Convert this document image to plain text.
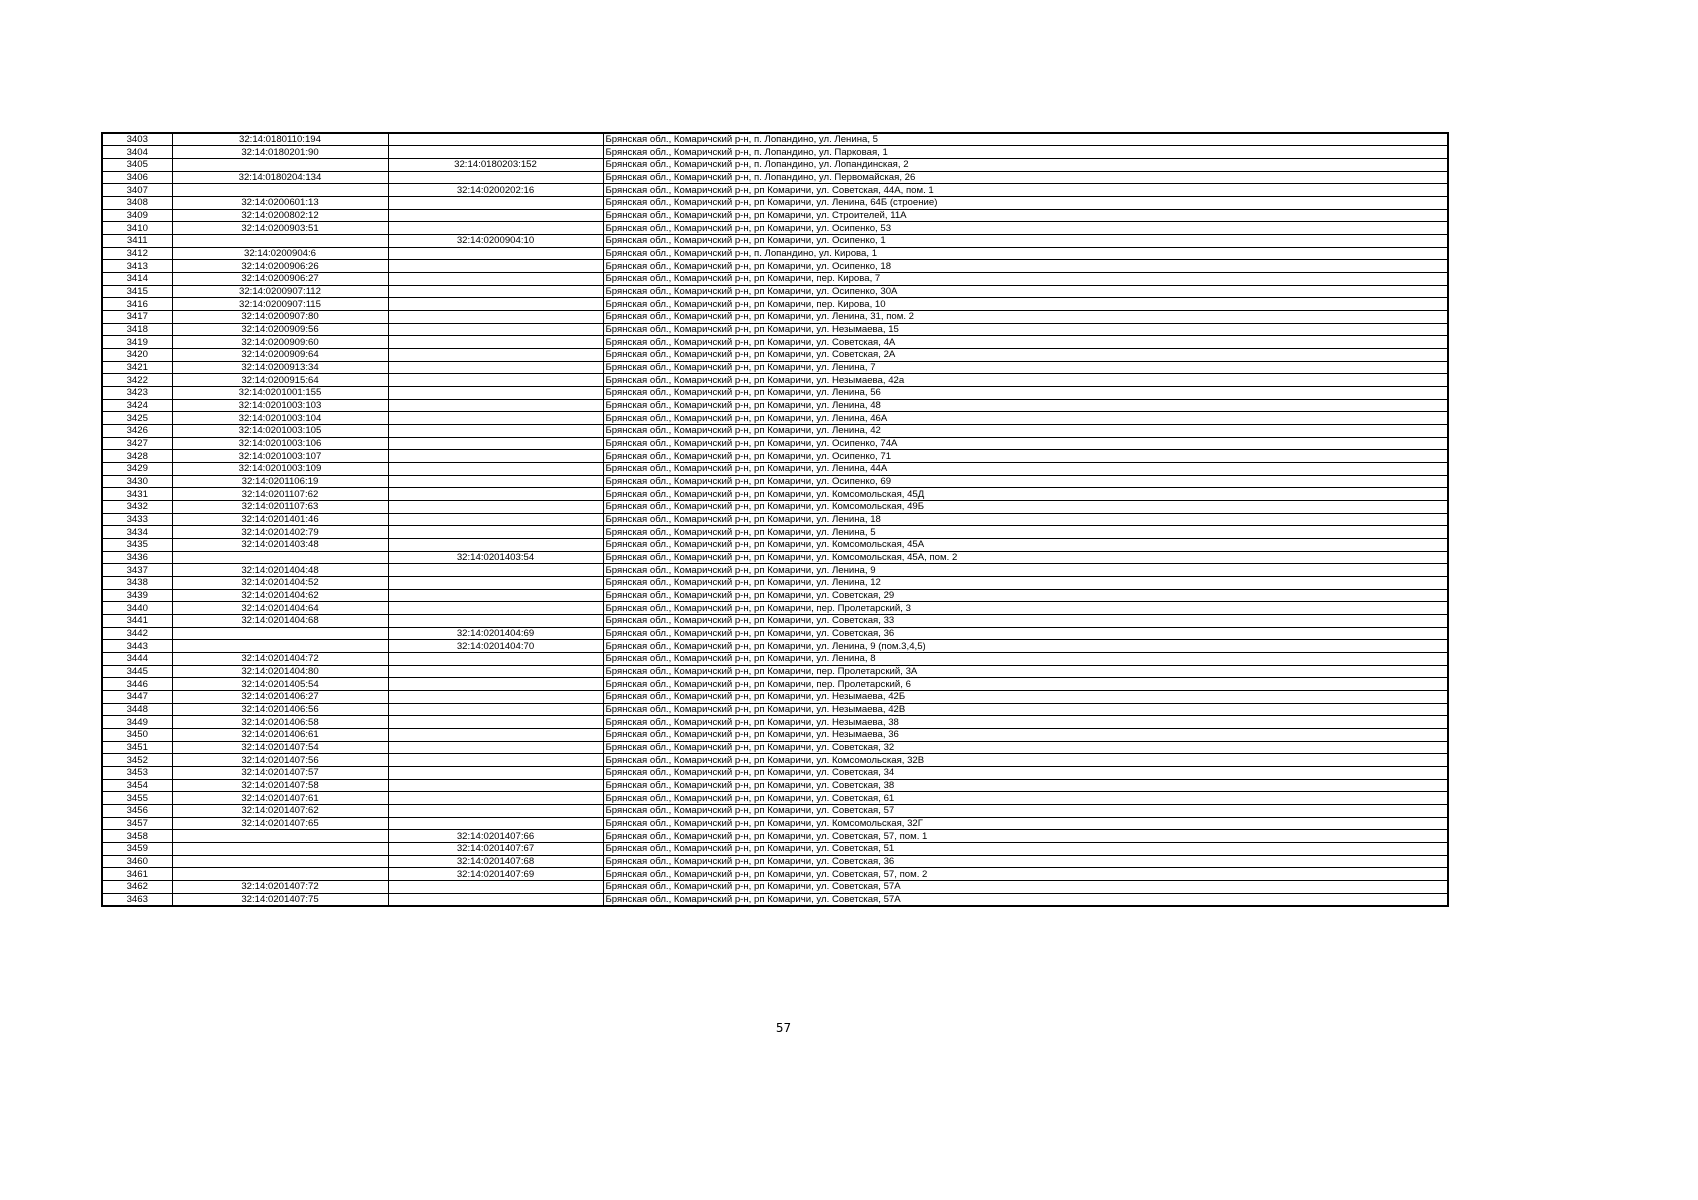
3403	32:14:0180110:194		Брянская обл., Комаричский р-н, п. Лопандино, ул. Ленина, 5
3404	32:14:0180201:90		Брянская обл., Комаричский р-н, п. Лопандино, ул. Парковая, 1
3405		32:14:0180203:152	Брянская обл., Комаричский р-н, п. Лопандино, ул. Лопандинская, 2
3406	32:14:0180204:134		Брянская обл., Комаричский р-н, п. Лопандино, ул. Первомайская, 26
3407		32:14:0200202:16	Брянская обл., Комаричский р-н, рп Комаричи, ул. Советская, 44А, пом. 1
3408	32:14:0200601:13		Брянская обл., Комаричский р-н, рп Комаричи, ул. Ленина, 64Б (строение)
3409	32:14:0200802:12		Брянская обл., Комаричский р-н, рп Комаричи, ул. Строителей, 11А
3410	32:14:0200903:51		Брянская обл., Комаричский р-н, рп Комаричи, ул. Осипенко, 53
3411		32:14:0200904:10	Брянская обл., Комаричский р-н, рп Комаричи, ул. Осипенко, 1
3412	32:14:0200904:6		Брянская обл., Комаричский р-н, п. Лопандино, ул. Кирова, 1
3413	32:14:0200906:26		Брянская обл., Комаричский р-н, рп Комаричи, ул. Осипенко, 18
3414	32:14:0200906:27		Брянская обл., Комаричский р-н, рп Комаричи, пер. Кирова, 7
3415	32:14:0200907:112		Брянская обл., Комаричский р-н, рп Комаричи, ул. Осипенко, 30А
3416	32:14:0200907:115		Брянская обл., Комаричский р-н, рп Комаричи, пер. Кирова, 10
3417	32:14:0200907:80		Брянская обл., Комаричский р-н, рп Комаричи, ул. Ленина, 31, пом. 2
3418	32:14:0200909:56		Брянская обл., Комаричский р-н, рп Комаричи, ул. Незымаева, 15
3419	32:14:0200909:60		Брянская обл., Комаричский р-н, рп Комаричи, ул. Советская, 4А
3420	32:14:0200909:64		Брянская обл., Комаричский р-н, рп Комаричи, ул. Советская, 2А
3421	32:14:0200913:34		Брянская обл., Комаричский р-н, рп Комаричи, ул. Ленина, 7
3422	32:14:0200915:64		Брянская обл., Комаричский р-н, рп Комаричи, ул. Незымаева, 42а
3423	32:14:0201001:155		Брянская обл., Комаричский р-н, рп Комаричи, ул. Ленина, 56
3424	32:14:0201003:103		Брянская обл., Комаричский р-н, рп Комаричи, ул. Ленина, 48
3425	32:14:0201003:104		Брянская обл., Комаричский р-н, рп Комаричи, ул. Ленина, 46А
3426	32:14:0201003:105		Брянская обл., Комаричский р-н, рп Комаричи, ул. Ленина, 42
3427	32:14:0201003:106		Брянская обл., Комаричский р-н, рп Комаричи, ул. Осипенко, 74А
3428	32:14:0201003:107		Брянская обл., Комаричский р-н, рп Комаричи, ул. Осипенко, 71
3429	32:14:0201003:109		Брянская обл., Комаричский р-н, рп Комаричи, ул. Ленина, 44А
3430	32:14:0201106:19		Брянская обл., Комаричский р-н, рп Комаричи, ул. Осипенко, 69
3431	32:14:0201107:62		Брянская обл., Комаричский р-н, рп Комаричи, ул. Комсомольская, 45Д
3432	32:14:0201107:63		Брянская обл., Комаричский р-н, рп Комаричи, ул. Комсомольская, 49Б
3433	32:14:0201401:46		Брянская обл., Комаричский р-н, рп Комаричи, ул. Ленина, 18
3434	32:14:0201402:79		Брянская обл., Комаричский р-н, рп Комаричи, ул. Ленина, 5
3435	32:14:0201403:48		Брянская обл., Комаричский р-н, рп Комаричи, ул. Комсомольская, 45А
3436		32:14:0201403:54	Брянская обл., Комаричский р-н, рп Комаричи, ул. Комсомольская, 45А, пом. 2
3437	32:14:0201404:48		Брянская обл., Комаричский р-н, рп Комаричи, ул. Ленина, 9
3438	32:14:0201404:52		Брянская обл., Комаричский р-н, рп Комаричи, ул. Ленина, 12
3439	32:14:0201404:62		Брянская обл., Комаричский р-н, рп Комаричи, ул. Советская, 29
3440	32:14:0201404:64		Брянская обл., Комаричский р-н, рп Комаричи, пер. Пролетарский, 3
3441	32:14:0201404:68		Брянская обл., Комаричский р-н, рп Комаричи, ул. Советская, 33
3442		32:14:0201404:69	Брянская обл., Комаричский р-н, рп Комаричи, ул. Советская, 36
3443		32:14:0201404:70	Брянская обл., Комаричский р-н, рп Комаричи, ул. Ленина, 9 (пом.3,4,5)
3444	32:14:0201404:72		Брянская обл., Комаричский р-н, рп Комаричи, ул. Ленина, 8
3445	32:14:0201404:80		Брянская обл., Комаричский р-н, рп Комаричи, пер. Пролетарский, 3А
3446	32:14:0201405:54		Брянская обл., Комаричский р-н, рп Комаричи, пер. Пролетарский, 6
3447	32:14:0201406:27		Брянская обл., Комаричский р-н, рп Комаричи, ул. Незымаева, 42Б
3448	32:14:0201406:56		Брянская обл., Комаричский р-н, рп Комаричи, ул. Незымаева, 42В
3449	32:14:0201406:58		Брянская обл., Комаричский р-н, рп Комаричи, ул. Незымаева, 38
3450	32:14:0201406:61		Брянская обл., Комаричский р-н, рп Комаричи, ул. Незымаева, 36
3451	32:14:0201407:54		Брянская обл., Комаричский р-н, рп Комаричи, ул. Советская, 32
3452	32:14:0201407:56		Брянская обл., Комаричский р-н, рп Комаричи, ул. Комсомольская, 32В
3453	32:14:0201407:57		Брянская обл., Комаричский р-н, рп Комаричи, ул. Советская, 34
3454	32:14:0201407:58		Брянская обл., Комаричский р-н, рп Комаричи, ул. Советская, 38
3455	32:14:0201407:61		Брянская обл., Комаричский р-н, рп Комаричи, ул. Советская, 61
3456	32:14:0201407:62		Брянская обл., Комаричский р-н, рп Комаричи, ул. Советская, 57
3457	32:14:0201407:65		Брянская обл., Комаричский р-н, рп Комаричи, ул. Комсомольская, 32Г
3458		32:14:0201407:66	Брянская обл., Комаричский р-н, рп Комаричи, ул. Советская, 57, пом. 1
3459		32:14:0201407:67	Брянская обл., Комаричский р-н, рп Комаричи, ул. Советская, 51
3460		32:14:0201407:68	Брянская обл., Комаричский р-н, рп Комаричи, ул. Советская, 36
3461		32:14:0201407:69	Брянская обл., Комаричский р-н, рп Комаричи, ул. Советская, 57, пом. 2
3462	32:14:0201407:72		Брянская обл., Комаричский р-н, рп Комаричи, ул. Советская, 57А
3463	32:14:0201407:75		Брянская обл., Комаричский р-н, рп Комаричи, ул. Советская, 57А
57
